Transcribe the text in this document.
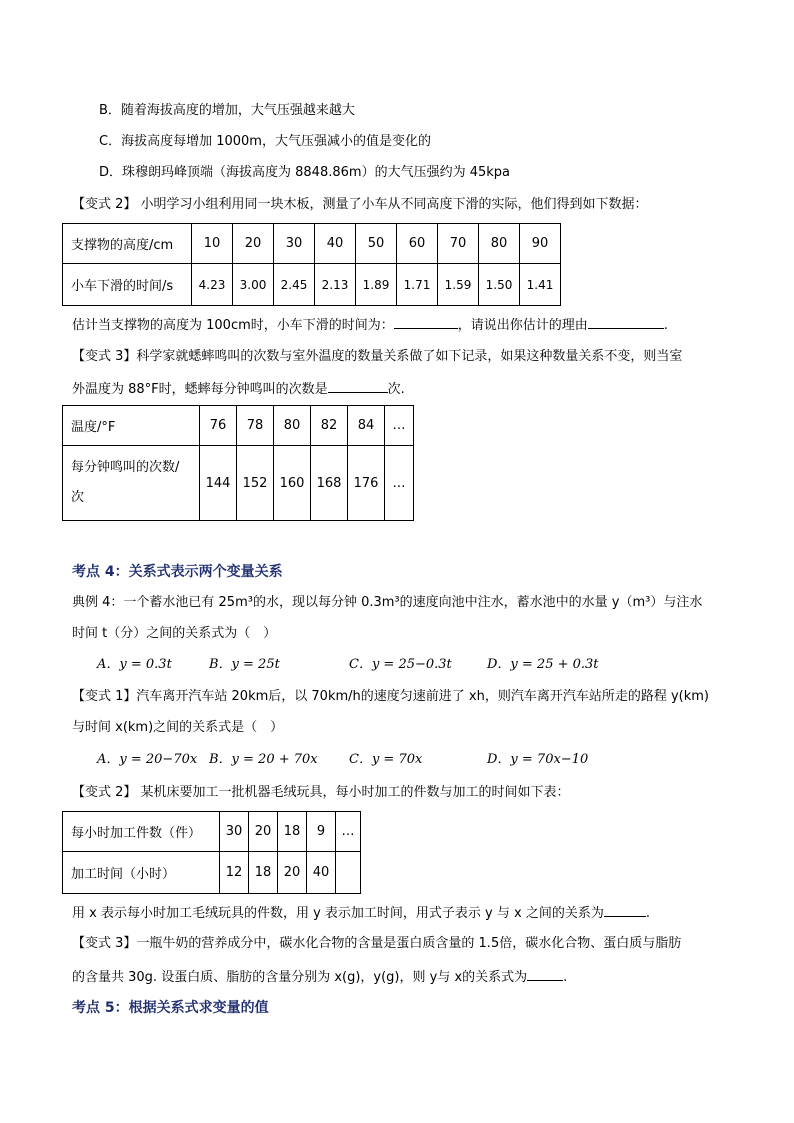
B．随着海拔高度的增加，大气压强越来越大
C．海拔高度每增加 1000m，大气压强减小的值是变化的
D．珠穆朗玛峰顶端（海拔高度为 8848.86m）的大气压强约为 45kpa
【变式 2】 小明学习小组利用同一块木板，测量了小车从不同高度下滑的实际，他们得到如下数据：
支撑物的高度/cm	10	20	30	40	50	60	70	80	90
小车下滑的时间/s	4.23	3.00	2.45	2.13	1.89	1.71	1.59	1.50	1.41
估计当支撑物的高度为 100cm时，小车下滑的时间为：	，请说出你估计的理由	.
【变式 3】科学家就蟋蟀鸣叫的次数与室外温度的数量关系做了如下记录，如果这种数量关系不变，则当室
外温度为 88°F时，蟋蟀每分钟鸣叫的次数是	次.
温度/°F	76	78	80	82	84	…

每分钟鸣叫的次数/
次	144	152	160	168	176	…
考点 4：关系式表示两个变量关系
典例 4：一个蓄水池已有 25m³的水，现以每分钟 0.3m³的速度向池中注水，蓄水池中的水量 y（m³）与注水
时间 t（分）之间的关系式为（　）
A．y = 0.3t	B．y = 25t	C．y = 25−0.3t	D．y = 25 + 0.3t
【变式 1】汽车离开汽车站 20km后，以 70km/h的速度匀速前进了 xh，则汽车离开汽车站所走的路程 y(km)
与时间 x(km)之间的关系式是（　）
A．y = 20−70x B．y = 20 + 70x C．y = 70x	D．y = 70x−10
【变式 2】 某机床要加工一批机器毛绒玩具，每小时加工的件数与加工的时间如下表：
每小时加工件数（件）	30	20	18	9	…
加工时间（小时）	12	18	20	40	
用 x 表示每小时加工毛绒玩具的件数，用 y 表示加工时间，用式子表示 y 与 x 之间的关系为	.
【变式 3】一瓶牛奶的营养成分中，碳水化合物的含量是蛋白质含量的 1.5倍，碳水化合物、蛋白质与脂肪
的含量共 30g. 设蛋白质、脂肪的含量分别为 x(g)，y(g)，则 y与 x的关系式为	.
考点 5：根据关系式求变量的值
